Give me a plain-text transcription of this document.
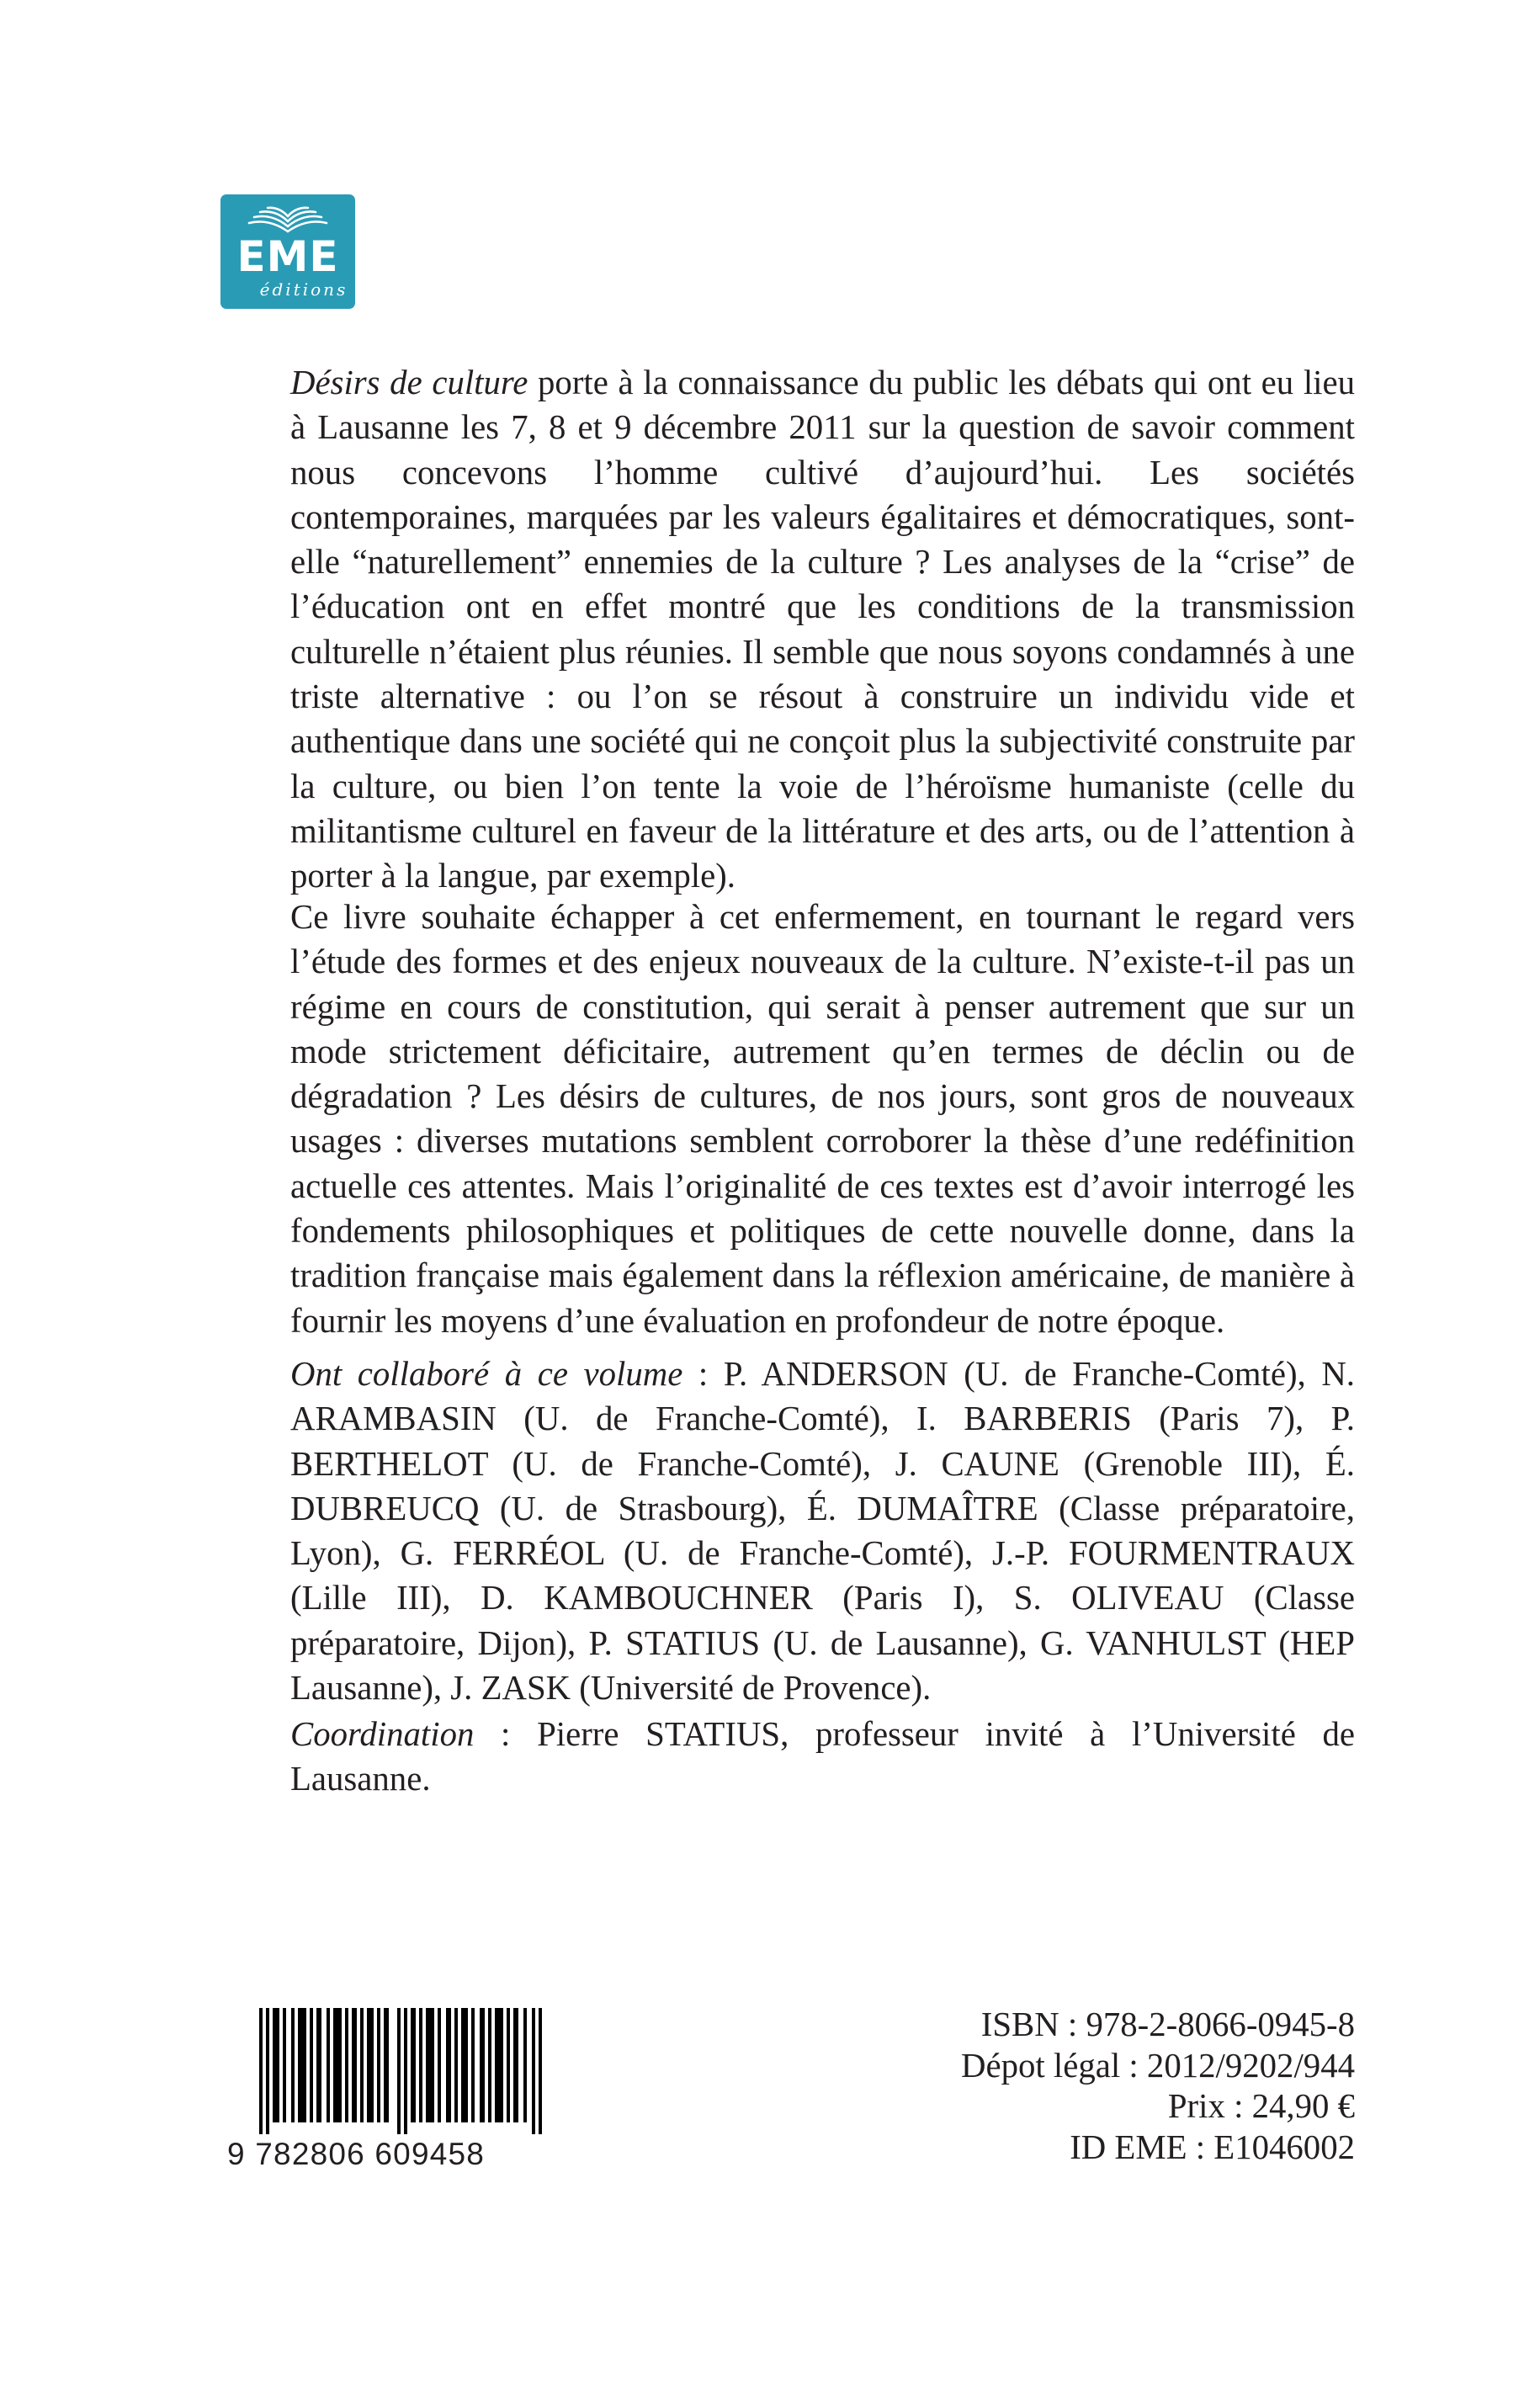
EME
éditions

Désirs de culture porte à la connaissance du public les débats qui ont eu lieu à Lausanne les 7, 8 et 9 décembre 2011 sur la question de savoir comment nous concevons l’homme cultivé d’aujourd’hui. Les sociétés contemporaines, marquées par les valeurs égalitaires et démocratiques, sont-elle “naturellement” ennemies de la culture ? Les analyses de la “crise” de l’éducation ont en effet montré que les conditions de la transmission culturelle n’étaient plus réunies. Il semble que nous soyons condamnés à une triste alternative : ou l’on se résout à construire un individu vide et authentique dans une société qui ne conçoit plus la subjectivité construite par la culture, ou bien l’on tente la voie de l’héroïsme humaniste (celle du militantisme culturel en faveur de la littérature et des arts, ou de l’attention à porter à la langue, par exemple).

Ce livre souhaite échapper à cet enfermement, en tournant le regard vers l’étude des formes et des enjeux nouveaux de la culture. N’existe-t-il pas un régime en cours de constitution, qui serait à penser autrement que sur un mode strictement déficitaire, autrement qu’en termes de déclin ou de dégradation ? Les désirs de cultures, de nos jours, sont gros de nouveaux usages : diverses mutations semblent corroborer la thèse d’une redéfinition actuelle ces attentes. Mais l’originalité de ces textes est d’avoir interrogé les fondements philosophiques et politiques de cette nouvelle donne, dans la tradition française mais également dans la réflexion américaine, de manière à fournir les moyens d’une évaluation en profondeur de notre époque.

Ont collaboré à ce volume : P. ANDERSON (U. de Franche-Comté), N. ARAMBASIN (U. de Franche-Comté), I. BARBERIS (Paris 7), P. BERTHELOT (U. de Franche-Comté), J. CAUNE (Grenoble III), É. DUBREUCQ (U. de Strasbourg), É. DUMAÎTRE (Classe préparatoire, Lyon), G. FERRÉOL (U. de Franche-Comté), J.-P. FOURMENTRAUX (Lille III), D. KAMBOUCHNER (Paris I), S. OLIVEAU (Classe préparatoire, Dijon), P. STATIUS (U. de Lausanne), G. VANHULST (HEP Lausanne), J. ZASK (Université de Provence).

Coordination : Pierre STATIUS, professeur invité à l’Université de Lausanne.

9 782806 609458
ISBN : 978-2-8066-0945-8
Dépot légal : 2012/9202/944
Prix : 24,90 €
ID EME : E1046002
